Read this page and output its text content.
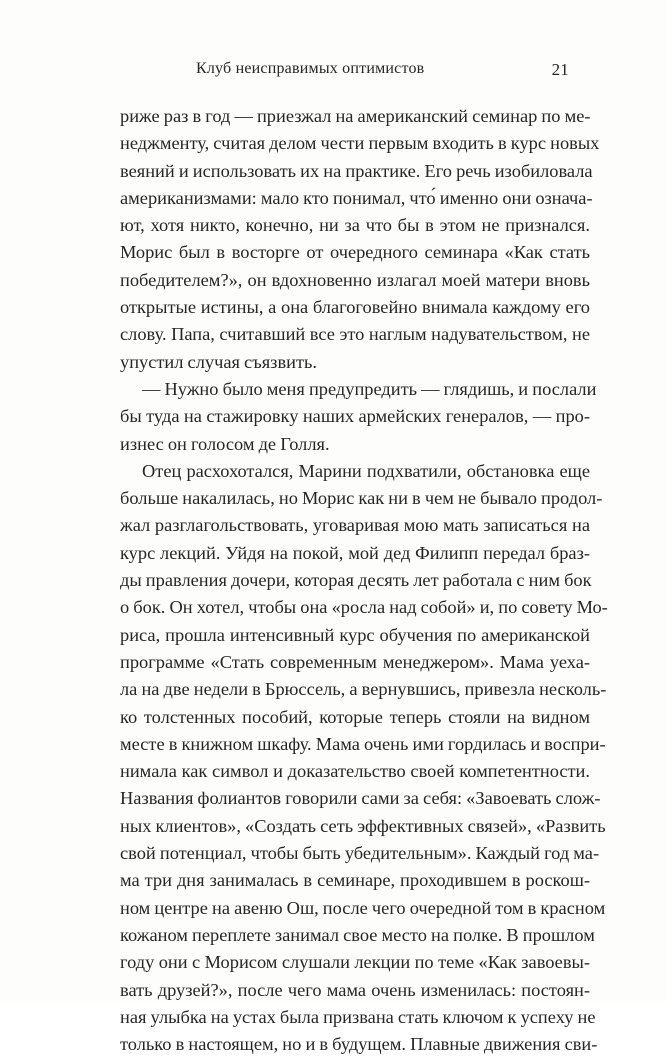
Клуб неисправимых оптимистов	21
риже раз в год — приезжал на американский семинар по ме-
неджменту, считая делом чести первым входить в курс новых
веяний и использовать их на практике. Его речь изобиловала
американизмами: мало кто понимал, что́ именно они означа-
ют, хотя никто, конечно, ни за что бы в этом не признался.
Морис был в восторге от очередного семинара «Как стать
победителем?», он вдохновенно излагал моей матери вновь
открытые истины, а она благоговейно внимала каждому его
слову. Папа, считавший все это наглым надувательством, не
упустил случая съязвить.
— Нужно было меня предупредить — глядишь, и послали
бы туда на стажировку наших армейских генералов, — про-
изнес он голосом де Голля.
Отец расхохотался, Марини подхватили, обстановка еще
больше накалилась, но Морис как ни в чем не бывало продол-
жал разглагольствовать, уговаривая мою мать записаться на
курс лекций. Уйдя на покой, мой дед Филипп передал браз-
ды правления дочери, которая десять лет работала с ним бок
о бок. Он хотел, чтобы она «росла над собой» и, по совету Мо-
риса, прошла интенсивный курс обучения по американской
программе «Стать современным менеджером». Мама уеха-
ла на две недели в Брюссель, а вернувшись, привезла несколь-
ко толстенных пособий, которые теперь стояли на видном
месте в книжном шкафу. Мама очень ими гордилась и воспри-
нимала как символ и доказательство своей компетентности.
Названия фолиантов говорили сами за себя: «Завоевать слож-
ных клиентов», «Создать сеть эффективных связей», «Развить
свой потенциал, чтобы быть убедительным». Каждый год ма-
ма три дня занималась в семинаре, проходившем в роскош-
ном центре на авеню Ош, после чего очередной том в красном
кожаном переплете занимал свое место на полке. В прошлом
году они с Морисом слушали лекции по теме «Как завоевы-
вать друзей?», после чего мама очень изменилась: постоян-
ная улыбка на устах была призвана стать ключом к успеху не
только в настоящем, но и в будущем. Плавные движения сви-
